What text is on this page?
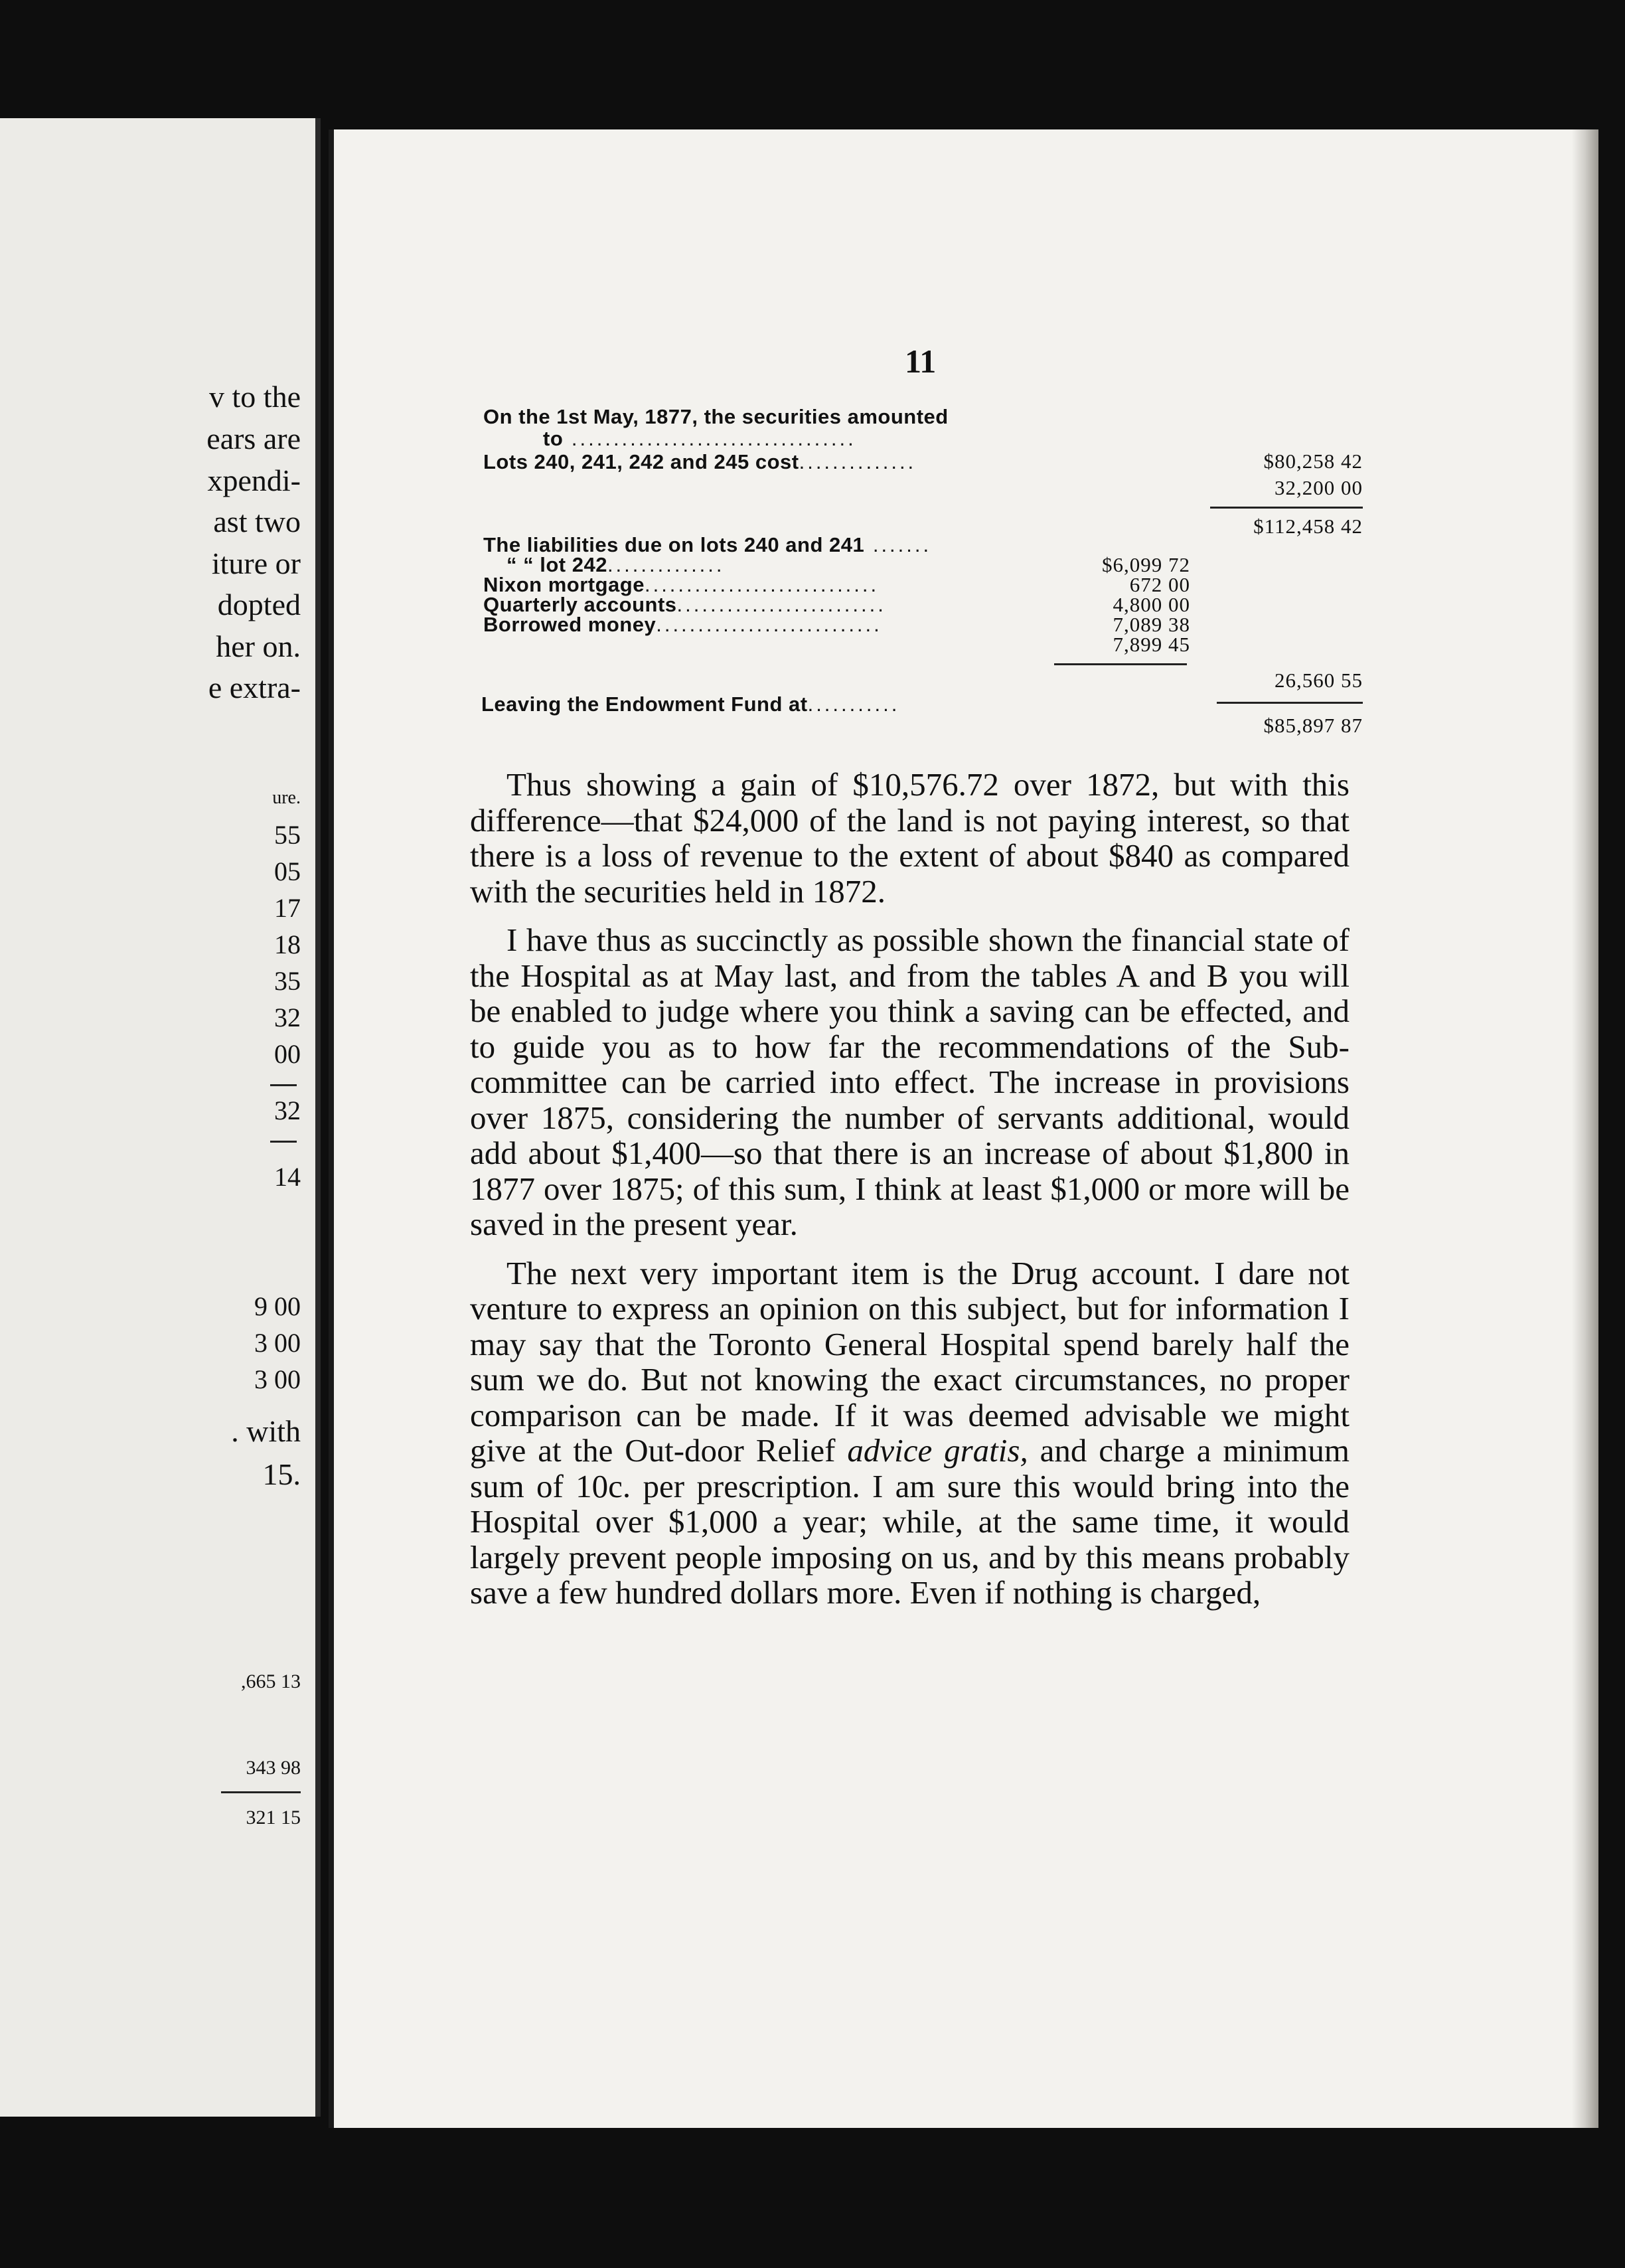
v to the
ears are
xpendi-
ast two
iture or
dopted
her on.
e extra-
ure.
55
05
17
18
35
32
00
32
14
9 00
3 00
3 00
. with
15.
,665 13
343 98
321 15
11
On the 1st May, 1877, the securities amounted
to ..................................
$80,258 42
Lots 240, 241, 242 and 245 cost..............
32,200 00
$112,458 42
The liabilities due on lots 240 and 241 .......
$6,099 72
“ “ lot 242..............
672 00
Nixon mortgage............................
4,800 00
Quarterly accounts.........................
7,089 38
Borrowed money...........................
7,899 45
26,560 55
Leaving the Endowment Fund at...........
$85,897 87

Thus showing a gain of $10,576.72 over 1872, but with this difference—that $24,000 of the land is not paying interest, so that there is a loss of revenue to the extent of about $840 as compared with the securities held in 1872.

I have thus as succinctly as possible shown the financial state of the Hospital as at May last, and from the tables A and B you will be enabled to judge where you think a saving can be effected, and to guide you as to how far the recommendations of the Sub-committee can be carried into effect. The increase in provisions over 1875, considering the number of servants additional, would add about $1,400—so that there is an increase of about $1,800 in 1877 over 1875; of this sum, I think at least $1,000 or more will be saved in the present year.

The next very important item is the Drug account. I dare not venture to express an opinion on this subject, but for information I may say that the Toronto General Hospital spend barely half the sum we do. But not knowing the exact circumstances, no proper comparison can be made. If it was deemed advisable we might give at the Out-door Relief advice gratis, and charge a minimum sum of 10c. per prescription. I am sure this would bring into the Hospital over $1,000 a year; while, at the same time, it would largely prevent people imposing on us, and by this means probably save a few hundred dollars more. Even if nothing is charged,
